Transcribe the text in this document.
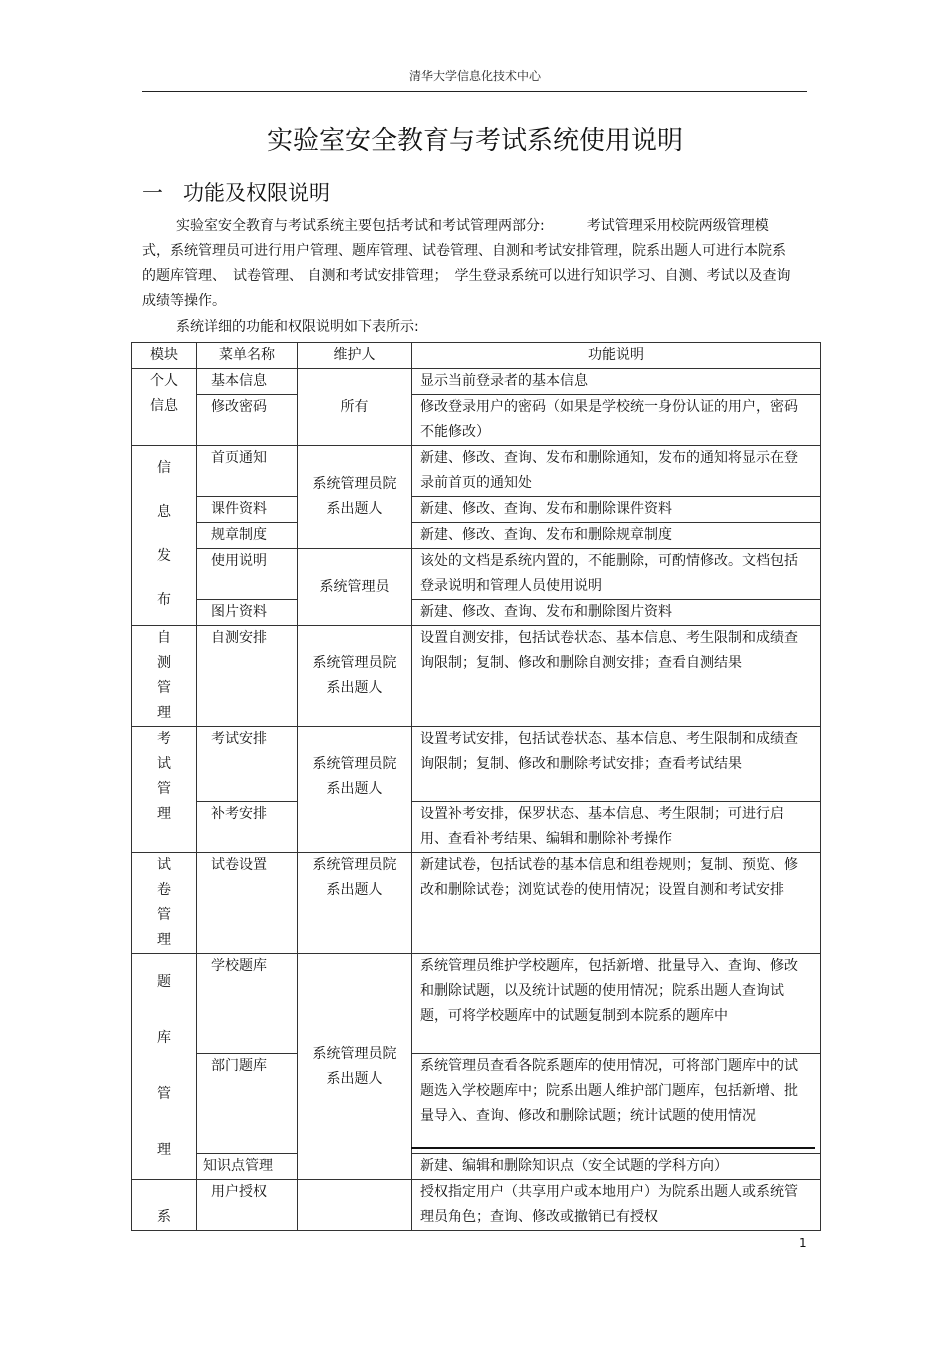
清华大学信息化技术中心
实验室安全教育与考试系统使用说明
一 功能及权限说明

实验室安全教育与考试系统主要包括考试和考试管理两部分:　　　考试管理采用校院两级管理模式，系统管理员可进行用户管理、题库管理、试卷管理、自测和考试安排管理，院系出题人可进行本院系的题库管理、　试卷管理、 自测和考试安排管理；　学生登录系统可以进行知识学习、自测、考试以及查询成绩等操作。

系统详细的功能和权限说明如下表所示:
模块	菜单名称	维护人	功能说明
个人信息	基本信息	所有	显示当前登录者的基本信息
	修改密码		修改登录用户的密码（如果是学校统一身份认证的用户，密码不能修改）

信
息
发
布	首页通知	系统管理员院系出题人	新建、修改、查询、发布和删除通知，发布的通知将显示在登录前首页的通知处
	课件资料		新建、修改、查询、发布和删除课件资料
	规章制度		新建、修改、查询、发布和删除规章制度
	使用说明	系统管理员	该处的文档是系统内置的，不能删除，可酌情修改。文档包括登录说明和管理人员使用说明
	图片资料		新建、修改、查询、发布和删除图片资料

自
测
管
理	自测安排	系统管理员院系出题人	设置自测安排，包括试卷状态、基本信息、考生限制和成绩查询限制；复制、修改和删除自测安排；查看自测结果

考
试
管
理	考试安排	系统管理员院系出题人	设置考试安排，包括试卷状态、基本信息、考生限制和成绩查询限制；复制、修改和删除考试安排；查看考试结果
	补考安排		设置补考安排，保罗状态、基本信息、考生限制；可进行启用、查看补考结果、编辑和删除补考操作

试
卷
管
理	试卷设置	系统管理员院系出题人	新建试卷，包括试卷的基本信息和组卷规则；复制、预览、修改和删除试卷；浏览试卷的使用情况；设置自测和考试安排

题
库
管
理	学校题库	系统管理员院系出题人	系统管理员维护学校题库，包括新增、批量导入、查询、修改和删除试题，以及统计试题的使用情况；院系出题人查询试题，可将学校题库中的试题复制到本院系的题库中
	部门题库		系统管理员查看各院系题库的使用情况，可将部门题库中的试题选入学校题库中；院系出题人维护部门题库，包括新增、批量导入、查询、修改和删除试题；统计试题的使用情况
	知识点管理		新建、编辑和删除知识点（安全试题的学科方向）
系	用户授权		授权指定用户（共享用户或本地用户）为院系出题人或系统管理员角色；查询、修改或撤销已有授权
1
